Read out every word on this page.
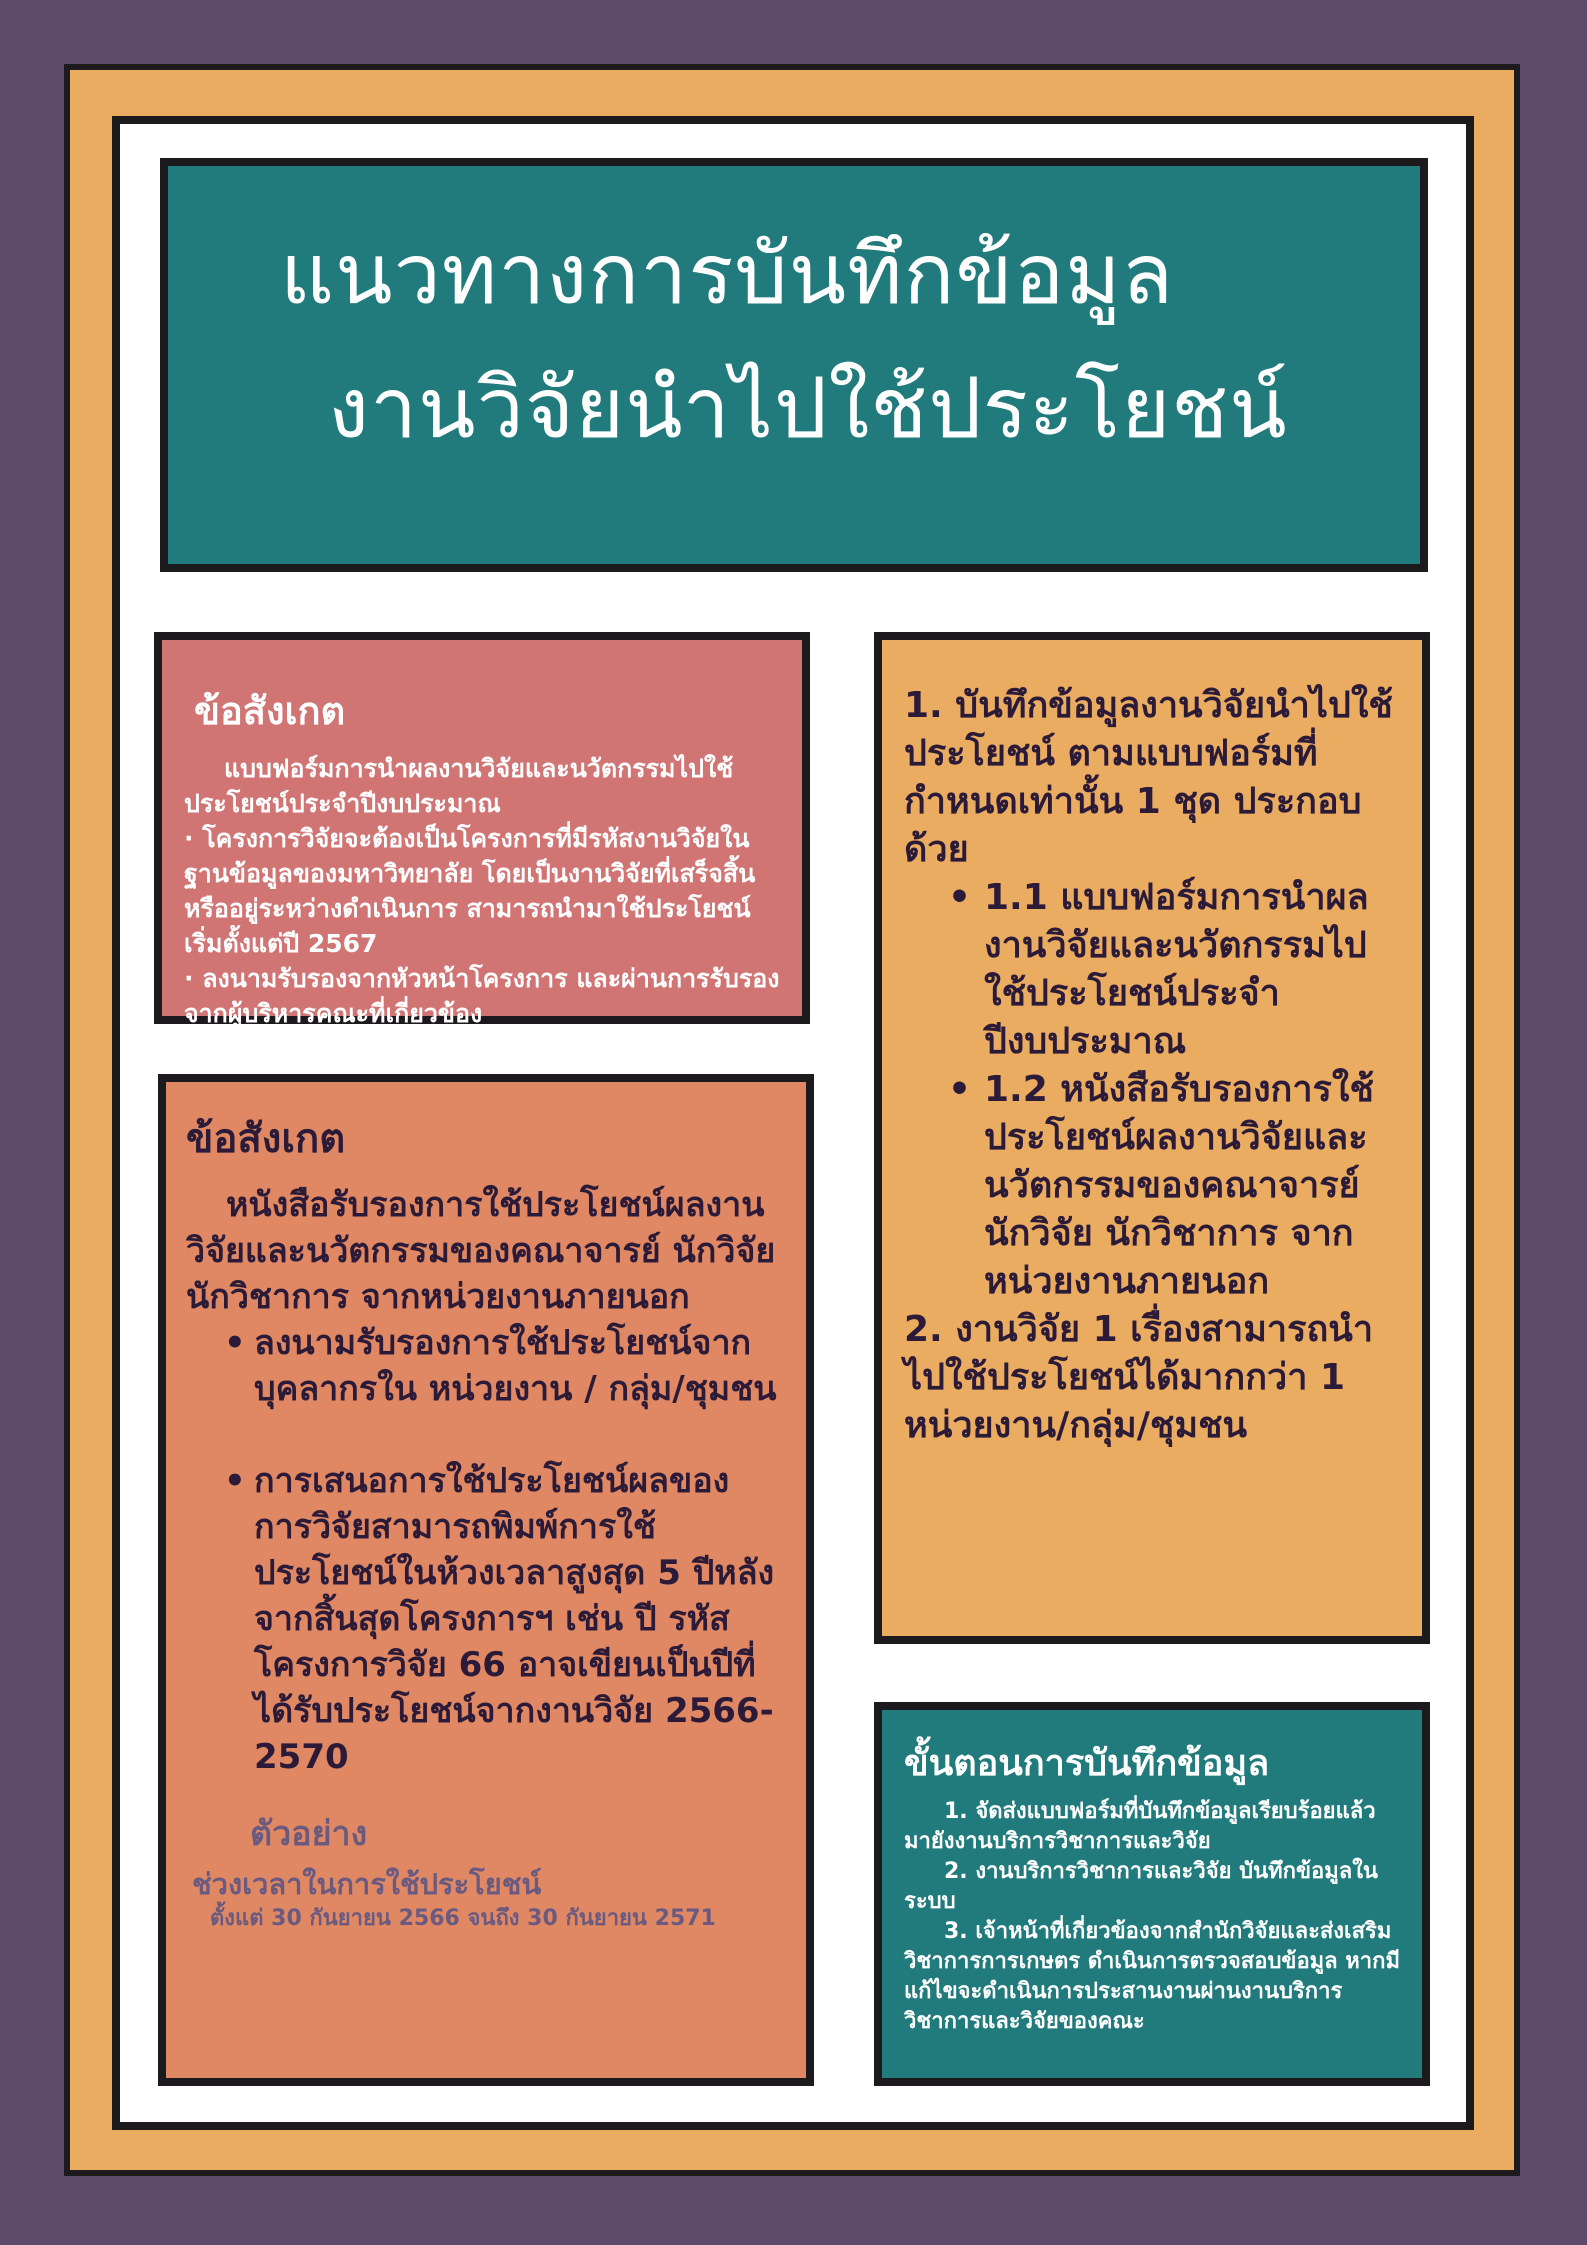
แนวทางการบันทึกข้อมูล
งานวิจัยนำไปใช้ประโยชน์
ข้อสังเกต
แบบฟอร์มการนำผลงานวิจัยและนวัตกรรมไปใช้ประโยชน์ประจำปีงบประมาณ
· โครงการวิจัยจะต้องเป็นโครงการที่มีรหัสงานวิจัยในฐานข้อมูลของมหาวิทยาลัย โดยเป็นงานวิจัยที่เสร็จสิ้น หรืออยู่ระหว่างดำเนินการ สามารถนำมาใช้ประโยชน์เริ่มตั้งแต่ปี 2567
· ลงนามรับรองจากหัวหน้าโครงการ และผ่านการรับรองจากผู้บริหารคณะที่เกี่ยวข้อง
ข้อสังเกต
หนังสือรับรองการใช้ประโยชน์ผลงานวิจัยและนวัตกรรมของคณาจารย์ นักวิจัย นักวิชาการ จากหน่วยงานภายนอก
• ลงนามรับรองการใช้ประโยชน์จากบุคลากรใน หน่วยงาน / กลุ่ม/ชุมชน
• การเสนอการใช้ประโยชน์ผลของการวิจัยสามารถพิมพ์การใช้ประโยชน์ในห้วงเวลาสูงสุด 5 ปีหลังจากสิ้นสุดโครงการฯ เช่น ปี รหัสโครงการวิจัย 66 อาจเขียนเป็นปีที่ได้รับประโยชน์จากงานวิจัย 2566-2570
ตัวอย่าง
ช่วงเวลาในการใช้ประโยชน์
ตั้งแต่ 30 กันยายน 2566 จนถึง 30 กันยายน 2571
1. บันทึกข้อมูลงานวิจัยนำไปใช้ประโยชน์ ตามแบบฟอร์มที่กำหนดเท่านั้น 1 ชุด ประกอบด้วย
• 1.1 แบบฟอร์มการนำผลงานวิจัยและนวัตกรรมไปใช้ประโยชน์ประจำปีงบประมาณ
• 1.2 หนังสือรับรองการใช้ประโยชน์ผลงานวิจัยและนวัตกรรมของคณาจารย์ นักวิจัย นักวิชาการ จากหน่วยงานภายนอก
2. งานวิจัย 1 เรื่องสามารถนำไปใช้ประโยชน์ได้มากกว่า 1 หน่วยงาน/กลุ่ม/ชุมชน
ขั้นตอนการบันทึกข้อมูล
1. จัดส่งแบบฟอร์มที่บันทึกข้อมูลเรียบร้อยแล้วมายังงานบริการวิชาการและวิจัย
2. งานบริการวิชาการและวิจัย บันทึกข้อมูลในระบบ
3. เจ้าหน้าที่เกี่ยวข้องจากสำนักวิจัยและส่งเสริมวิชาการการเกษตร ดำเนินการตรวจสอบข้อมูล หากมีแก้ไขจะดำเนินการประสานงานผ่านงานบริการวิชาการและวิจัยของคณะ
